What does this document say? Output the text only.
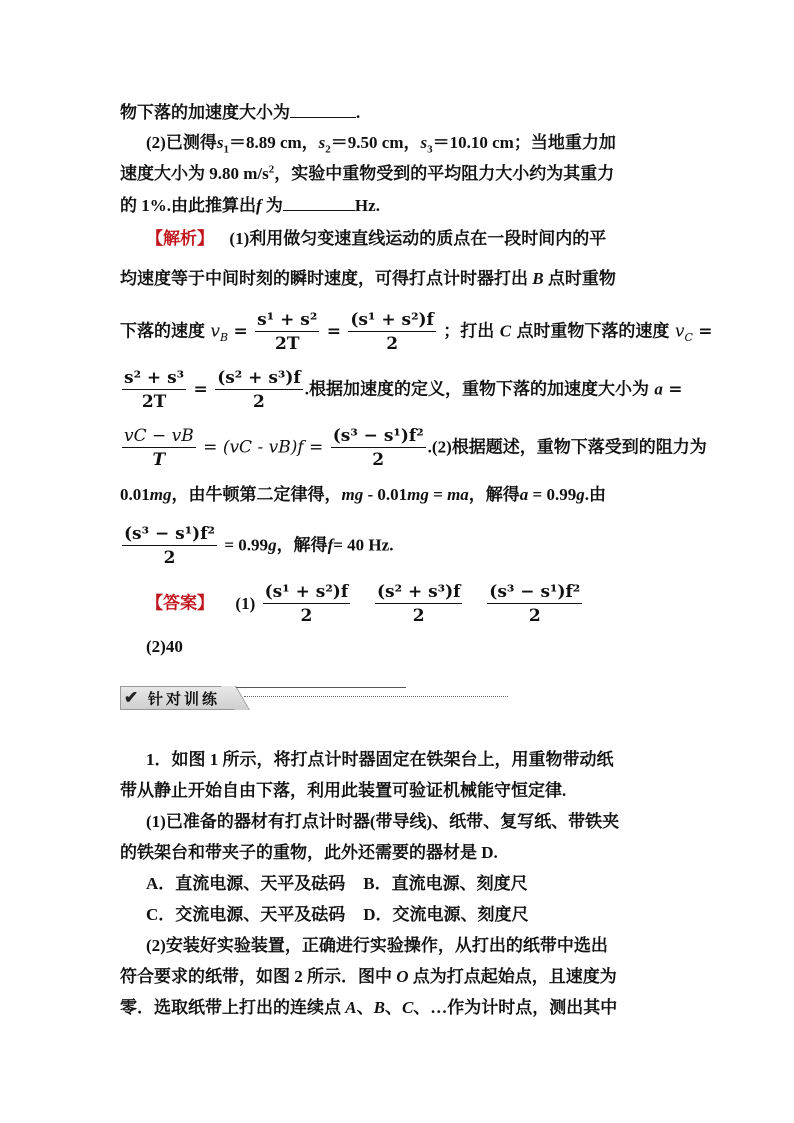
物下落的加速度大小为	.
(2)已测得$s_1=8.89$ cm，$s_2=9.50$ cm，$s_3=10.10$ cm；当地重力加
速度大小为 9.80 $m/s^2$，实验中重物受到的平均阻力大小约为其重力
的 1%.由此推算出f 为	Hz.
【解析】 (1)利用做匀变速直线运动的质点在一段时间内的平
均速度等于中间时刻的瞬时速度，可得打点计时器打出 B 点时重物
下落的速度 $v_B = \frac{\text{s¹ + s²}}{2T} = \frac{\text{(s¹ + s²)f}}{2}$ ；打出 C 点时重物下落的速度 $v_C$ =
$\frac{\text{s² + s³}}{2T} = \frac{\text{(s² + s³)f}}{2}$ .根据加速度的定义，重物下落的加速度大小为 a =
$\frac{vC - vB}{T} = (vC - vB)f = \frac{\text{(s³ − s¹)f²}}{2} .(2)$根据题述，重物下落受到的阻力为
0.01mg，由牛顿第二定律得，mg - 0.01mg = ma，解得a = 0.99g.由
$\frac{\text{(s³ − s¹)f²}}{2} = 0.99g$，解得f= 40 Hz.
【答案】 $(1) \frac{\text{(s¹ + s²)f}}{2}$
$\frac{\text{(s² + s³)f}}{2}$
$\frac{\text{(s³ − s¹)f²}}{2}$
(2)40
✔ 针对训练
1．如图 1 所示，将打点计时器固定在铁架台上，用重物带动纸
带从静止开始自由下落，利用此装置可验证机械能守恒定律.
(1)已准备的器材有打点计时器(带导线)、纸带、复写纸、带铁夹
的铁架台和带夹子的重物，此外还需要的器材是 D.
A．直流电源、天平及砝码 B．直流电源、刻度尺
C．交流电源、天平及砝码 D．交流电源、刻度尺
(2)安装好实验装置，正确进行实验操作，从打出的纸带中选出
符合要求的纸带，如图 2 所示．图中 O 点为打点起始点，且速度为
零．选取纸带上打出的连续点 A、B、C、…作为计时点，测出其中
